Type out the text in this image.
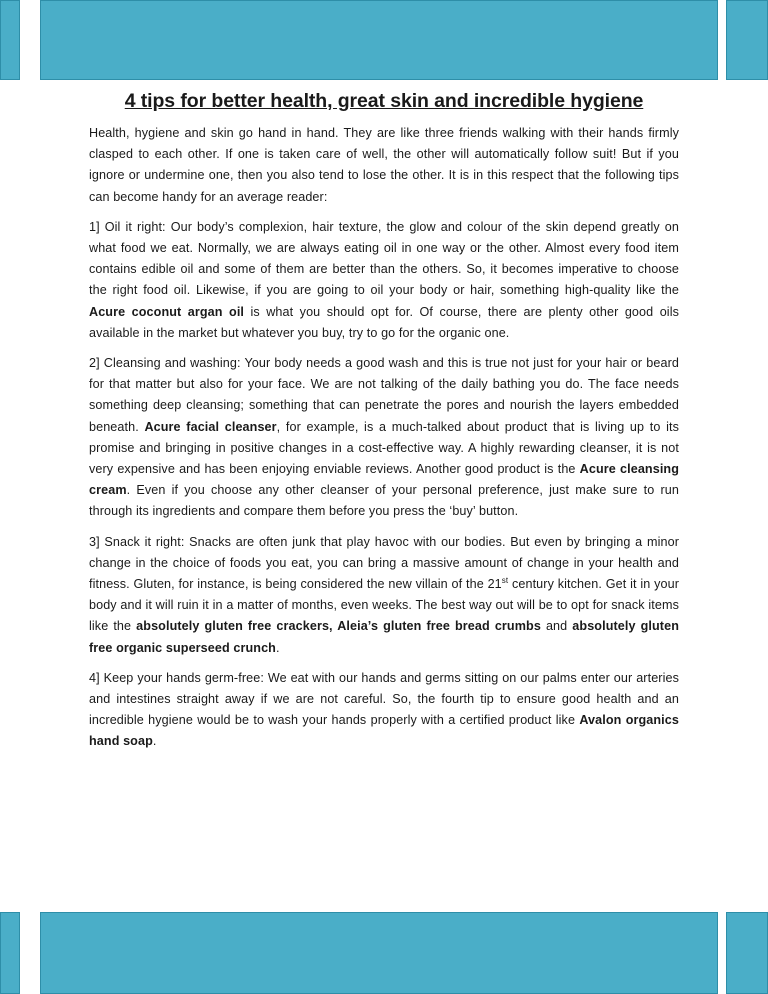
4 tips for better health, great skin and incredible hygiene

Health, hygiene and skin go hand in hand. They are like three friends walking with their hands firmly clasped to each other. If one is taken care of well, the other will automatically follow suit! But if you ignore or undermine one, then you also tend to lose the other. It is in this respect that the following tips can become handy for an average reader:

1] Oil it right: Our body’s complexion, hair texture, the glow and colour of the skin depend greatly on what food we eat. Normally, we are always eating oil in one way or the other. Almost every food item contains edible oil and some of them are better than the others. So, it becomes imperative to choose the right food oil. Likewise, if you are going to oil your body or hair, something high-quality like the Acure coconut argan oil is what you should opt for. Of course, there are plenty other good oils available in the market but whatever you buy, try to go for the organic one.

2] Cleansing and washing: Your body needs a good wash and this is true not just for your hair or beard for that matter but also for your face. We are not talking of the daily bathing you do. The face needs something deep cleansing; something that can penetrate the pores and nourish the layers embedded beneath. Acure facial cleanser, for example, is a much-talked about product that is living up to its promise and bringing in positive changes in a cost-effective way. A highly rewarding cleanser, it is not very expensive and has been enjoying enviable reviews. Another good product is the Acure cleansing cream. Even if you choose any other cleanser of your personal preference, just make sure to run through its ingredients and compare them before you press the ‘buy’ button.

3] Snack it right: Snacks are often junk that play havoc with our bodies. But even by bringing a minor change in the choice of foods you eat, you can bring a massive amount of change in your health and fitness. Gluten, for instance, is being considered the new villain of the 21st century kitchen. Get it in your body and it will ruin it in a matter of months, even weeks. The best way out will be to opt for snack items like the absolutely gluten free crackers, Aleia’s gluten free bread crumbs and absolutely gluten free organic superseed crunch.

4] Keep your hands germ-free: We eat with our hands and germs sitting on our palms enter our arteries and intestines straight away if we are not careful. So, the fourth tip to ensure good health and an incredible hygiene would be to wash your hands properly with a certified product like Avalon organics hand soap.
